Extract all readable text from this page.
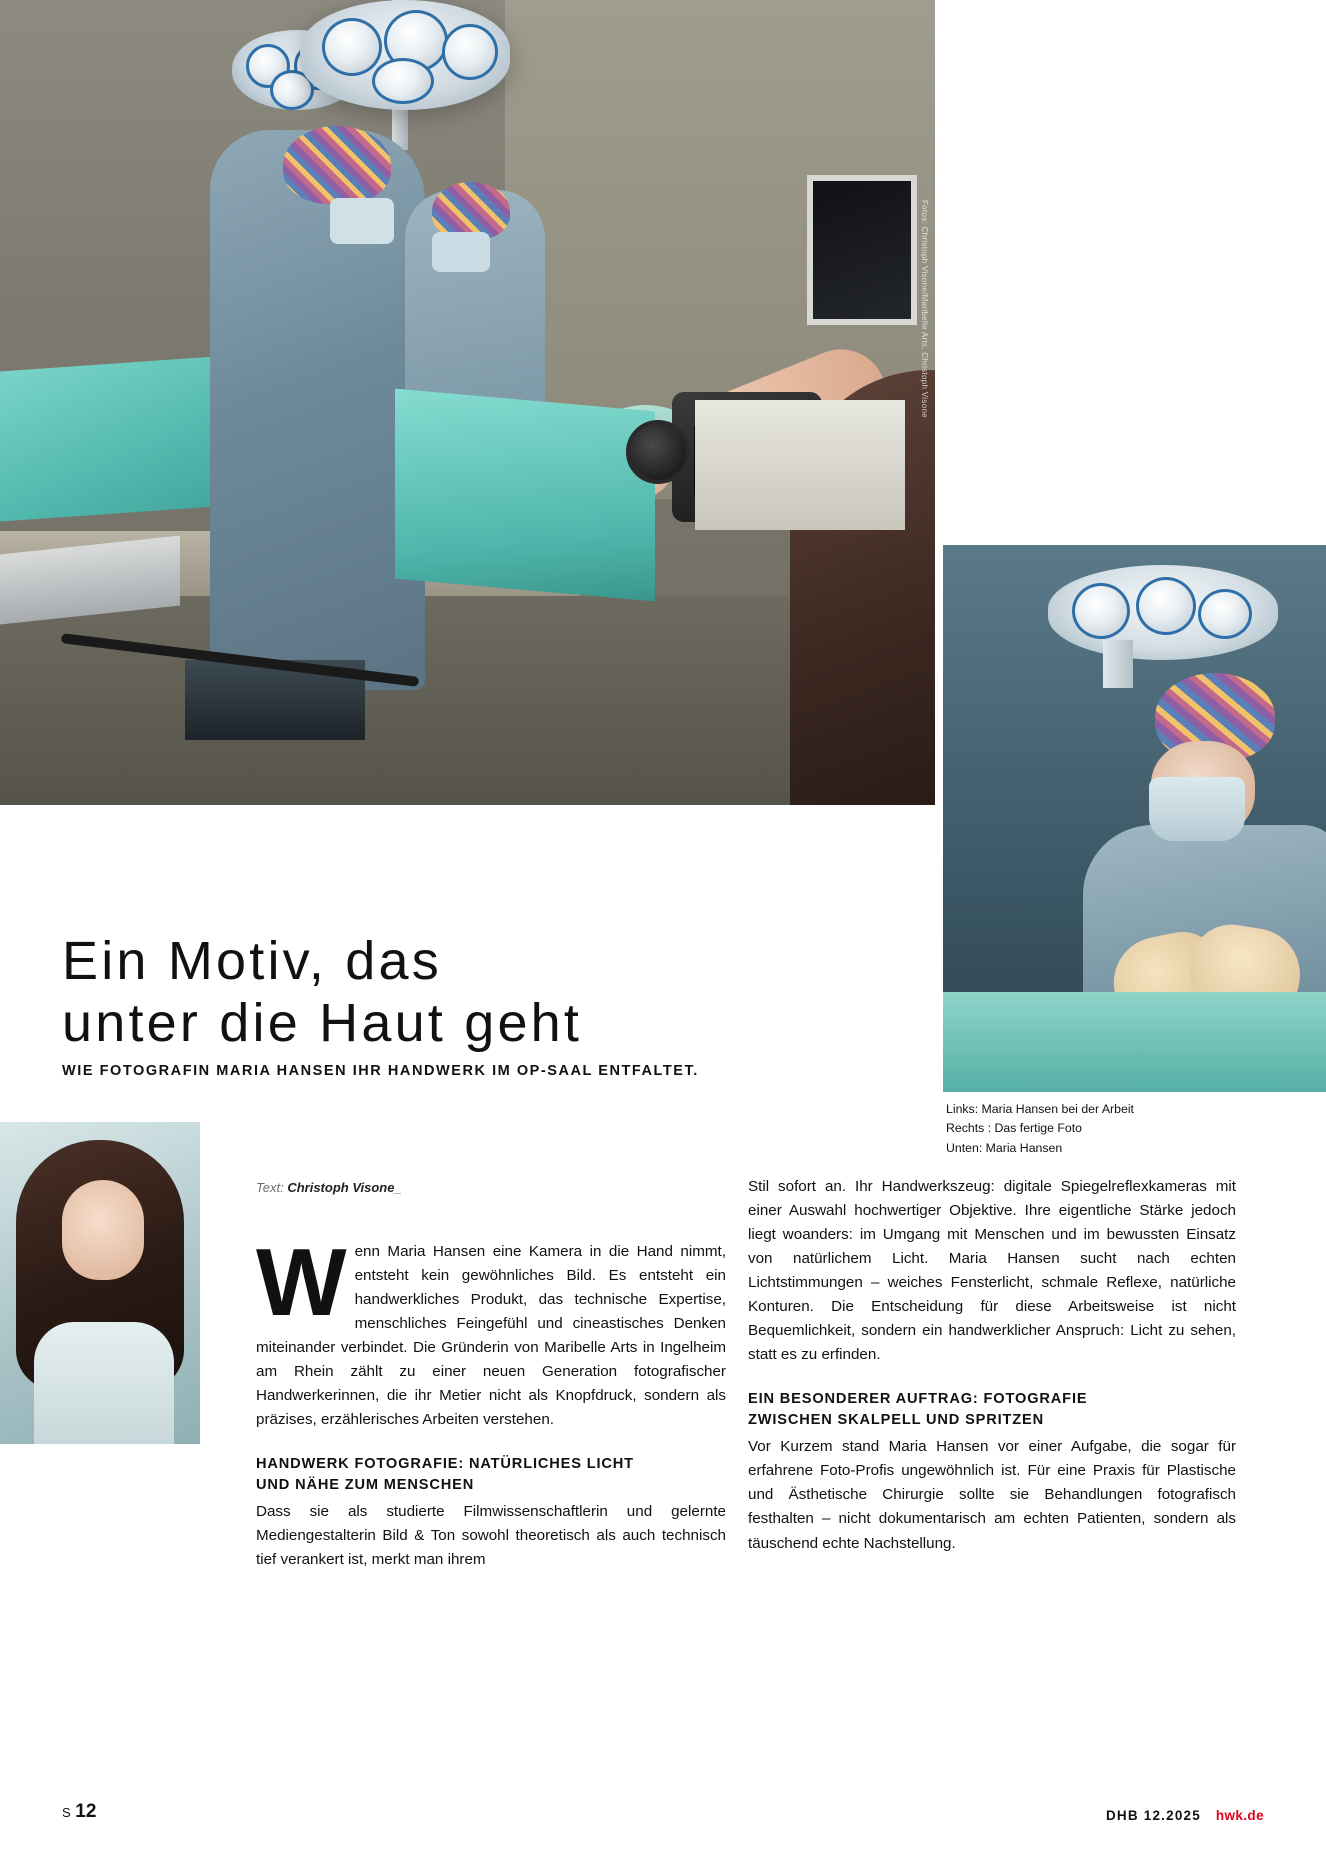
Fotos: Christoph Visone/Maribelle Arts, Christoph Visone
Ein Motiv, das
unter die Haut geht
WIE FOTOGRAFIN MARIA HANSEN IHR HANDWERK IM OP-SAAL ENTFALTET.
Links: Maria Hansen bei der Arbeit
Rechts : Das fertige Foto
Unten: Maria Hansen
Text: Christoph Visone_

Wenn Maria Hansen eine Kamera in die Hand nimmt, entsteht kein gewöhnliches Bild. Es entsteht ein handwerkliches Produkt, das technische Expertise, menschliches Feingefühl und cineastisches Denken miteinander verbindet. Die Gründerin von Maribelle Arts in Ingelheim am Rhein zählt zu einer neuen Generation fotografischer Handwerkerinnen, die ihr Metier nicht als Knopfdruck, sondern als präzises, erzählerisches Arbeiten verstehen.

HANDWERK FOTOGRAFIE: NATÜRLICHES LICHT
UND NÄHE ZUM MENSCHEN

Dass sie als studierte Filmwissenschaftlerin und gelernte Mediengestalterin Bild & Ton sowohl theoretisch als auch technisch tief verankert ist, merkt man ihrem

Stil sofort an. Ihr Handwerkszeug: digitale Spiegelreflexkameras mit einer Auswahl hochwertiger Objektive. Ihre eigentliche Stärke jedoch liegt woanders: im Umgang mit Menschen und im bewussten Einsatz von natürlichem Licht. Maria Hansen sucht nach echten Lichtstimmungen – weiches Fensterlicht, schmale Reflexe, natürliche Konturen. Die Entscheidung für diese Arbeitsweise ist nicht Bequemlichkeit, sondern ein handwerklicher Anspruch: Licht zu sehen, statt es zu erfinden.

EIN BESONDERER AUFTRAG: FOTOGRAFIE
ZWISCHEN SKALPELL UND SPRITZEN

Vor Kurzem stand Maria Hansen vor einer Aufgabe, die sogar für erfahrene Foto-Profis ungewöhnlich ist. Für eine Praxis für Plastische und Ästhetische Chirurgie sollte sie Behandlungen fotografisch festhalten – nicht dokumentarisch am echten Patienten, sondern als täuschend echte Nachstellung.

S 12	DHB 12.2025 hwk.de
